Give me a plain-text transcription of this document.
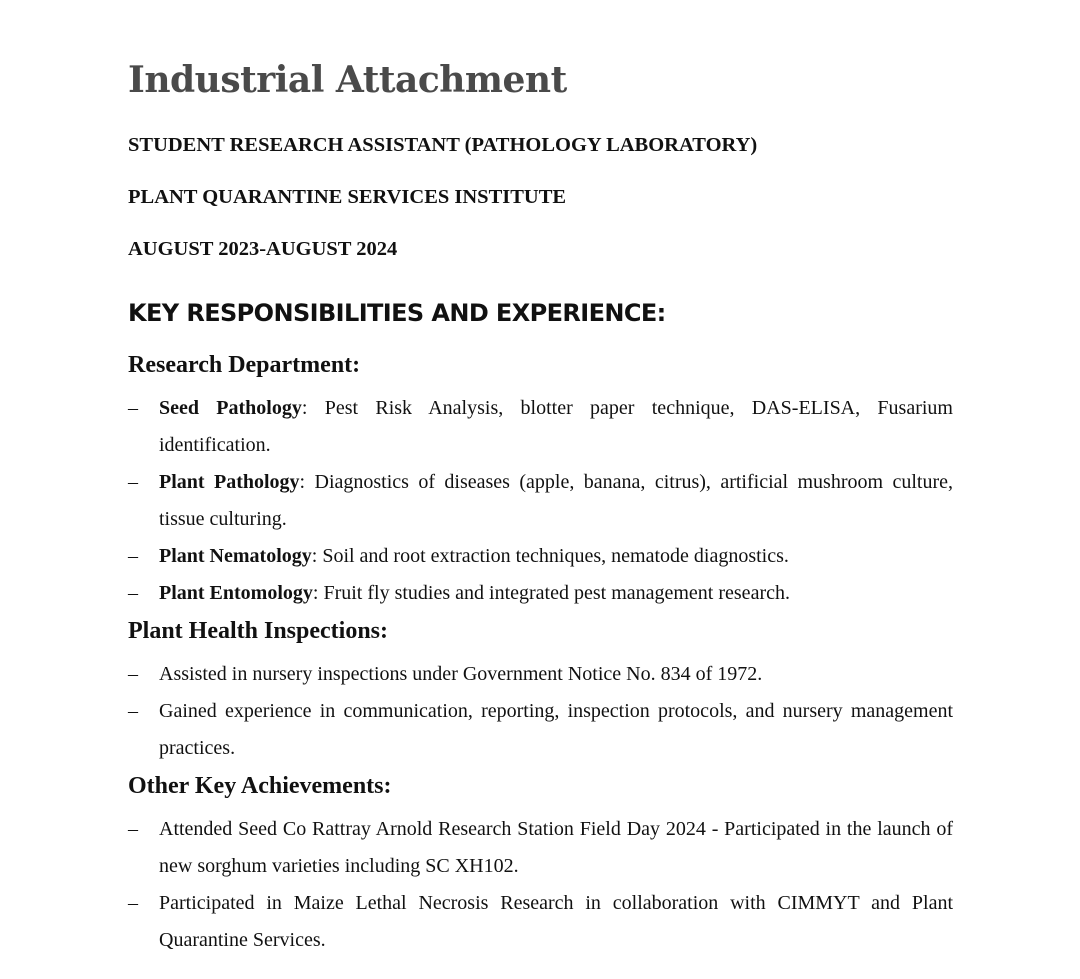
Industrial Attachment

STUDENT RESEARCH ASSISTANT (PATHOLOGY LABORATORY)

PLANT QUARANTINE SERVICES INSTITUTE

AUGUST 2023-AUGUST 2024

KEY RESPONSIBILITIES AND EXPERIENCE:
Research Department:
– Seed Pathology: Pest Risk Analysis, blotter paper technique, DAS-ELISA, Fusarium identification.
– Plant Pathology: Diagnostics of diseases (apple, banana, citrus), artificial mushroom culture, tissue culturing.
– Plant Nematology: Soil and root extraction techniques, nematode diagnostics.
– Plant Entomology: Fruit fly studies and integrated pest management research.
Plant Health Inspections:
– Assisted in nursery inspections under Government Notice No. 834 of 1972.
– Gained experience in communication, reporting, inspection protocols, and nursery management practices.
Other Key Achievements:
– Attended Seed Co Rattray Arnold Research Station Field Day 2024 - Participated in the launch of new sorghum varieties including SC XH102.
– Participated in Maize Lethal Necrosis Research in collaboration with CIMMYT and Plant Quarantine Services.
